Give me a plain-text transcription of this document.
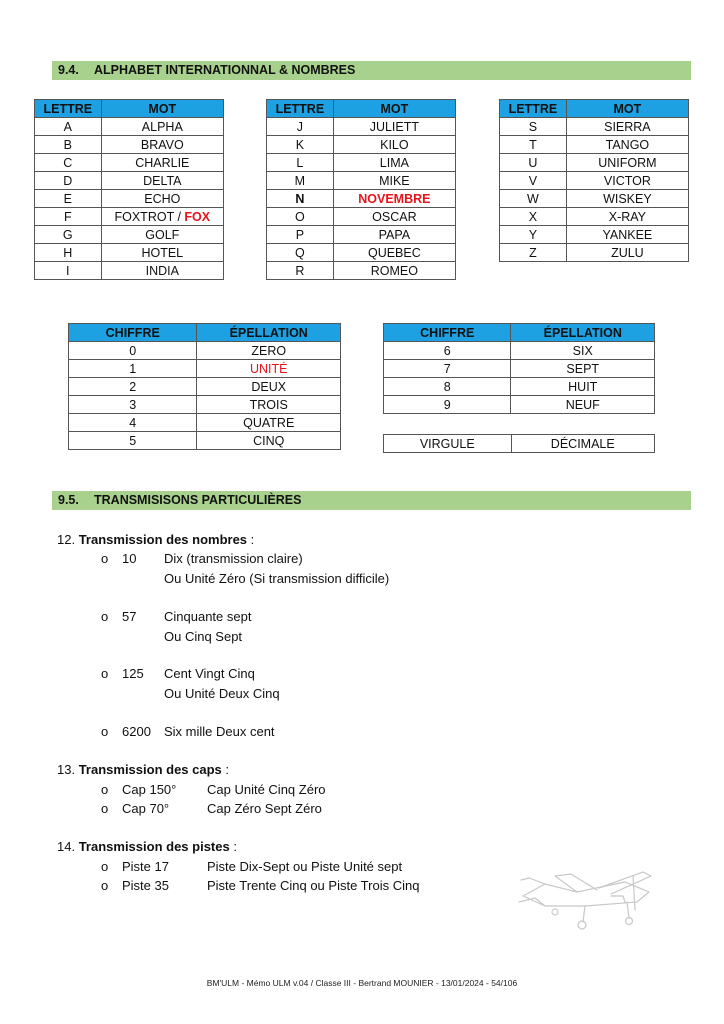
9.4. ALPHABET INTERNATIONNAL & NOMBRES
LETTRE	MOT
A	ALPHA
B	BRAVO
C	CHARLIE
D	DELTA
E	ECHO
F	FOXTROT / FOX
G	GOLF
H	HOTEL
I	INDIA
LETTRE	MOT
J	JULIETT
K	KILO
L	LIMA
M	MIKE
N	NOVEMBRE
O	OSCAR
P	PAPA
Q	QUEBEC
R	ROMEO
LETTRE	MOT
S	SIERRA
T	TANGO
U	UNIFORM
V	VICTOR
W	WISKEY
X	X-RAY
Y	YANKEE
Z	ZULU
CHIFFRE	ÉPELLATION
0	ZERO
1	UNITÉ
2	DEUX
3	TROIS
4	QUATRE
5	CINQ
CHIFFRE	ÉPELLATION
6	SIX
7	SEPT
8	HUIT
9	NEUF
VIRGULE	DÉCIMALE
9.5. TRANSMISISONS PARTICULIÈRES
12. Transmission des nombres :
o 10 Dix (transmission claire)
Ou Unité Zéro (Si transmission difficile)
o 57 Cinquante sept
Ou Cinq Sept
o 125 Cent Vingt Cinq
Ou Unité Deux Cinq
o 6200 Six mille Deux cent
13. Transmission des caps :
o Cap 150° Cap Unité Cinq Zéro
o Cap 70°	Cap Zéro Sept Zéro
14. Transmission des pistes :
o Piste 17	Piste Dix-Sept ou Piste Unité sept
o Piste 35	Piste Trente Cinq ou Piste Trois Cinq
BM'ULM - Mémo ULM v.04 / Classe III - Bertrand MOUNIER - 13/01/2024 - 54/106
